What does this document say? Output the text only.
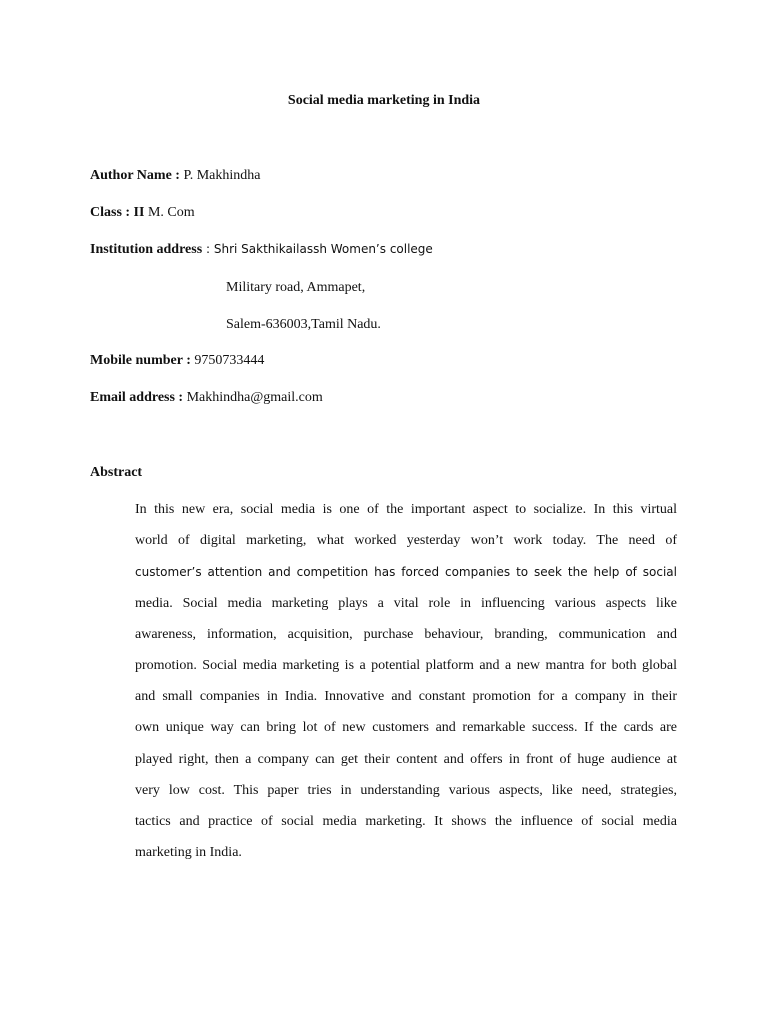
Social media marketing in India
Author Name : P. Makhindha
Class : II M. Com
Institution address : Shri Sakthikailassh Women’s college
Military road, Ammapet,
Salem-636003,Tamil Nadu.
Mobile number : 9750733444
Email address : Makhindha@gmail.com
Abstract
In this new era, social media is one of the important aspect to socialize. In this virtual
world of digital marketing, what worked yesterday won’t work today. The need of
customer’s attention and competition has forced companies to seek the help of social
media. Social media marketing plays a vital role in influencing various aspects like
awareness, information, acquisition, purchase behaviour, branding, communication and
promotion. Social media marketing is a potential platform and a new mantra for both global
and small companies in India. Innovative and constant promotion for a company in their
own unique way can bring lot of new customers and remarkable success. If the cards are
played right, then a company can get their content and offers in front of huge audience at
very low cost. This paper tries in understanding various aspects, like need, strategies,
tactics and practice of social media marketing. It shows the influence of social media
marketing in India.
